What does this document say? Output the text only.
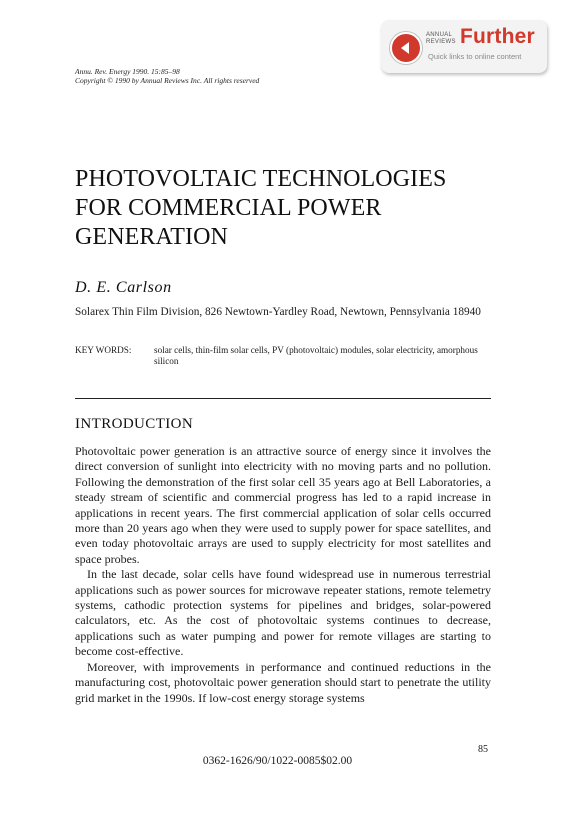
ANNUAL
REVIEWS Further
Quick links to online content
Annu. Rev. Energy 1990. 15:85–98
Copyright © 1990 by Annual Reviews Inc. All rights reserved
PHOTOVOLTAIC TECHNOLOGIES
FOR COMMERCIAL POWER
GENERATION
D. E. Carlson
Solarex Thin Film Division, 826 Newtown-Yardley Road, Newtown, Pennsylvania 18940
KEY WORDS: solar cells, thin-film solar cells, PV (photovoltaic) modules, solar electricity, amorphous silicon
INTRODUCTION

Photovoltaic power generation is an attractive source of energy since it involves the direct conversion of sunlight into electricity with no moving parts and no pollution. Following the demonstration of the first solar cell 35 years ago at Bell Laboratories, a steady stream of scientific and commercial progress has led to a rapid increase in applications in recent years. The first commercial application of solar cells occurred more than 20 years ago when they were used to supply power for space satellites, and even today photovoltaic arrays are used to supply electricity for most satellites and space probes.

In the last decade, solar cells have found widespread use in numerous terrestrial applications such as power sources for microwave repeater stations, remote telemetry systems, cathodic protection systems for pipelines and bridges, solar-powered calculators, etc. As the cost of photovoltaic systems continues to decrease, applications such as water pumping and power for remote villages are starting to become cost-effective.

Moreover, with improvements in performance and continued reductions in the manufacturing cost, photovoltaic power generation should start to penetrate the utility grid market in the 1990s. If low-cost energy storage systems

85
0362-1626/90/1022-0085$02.00
